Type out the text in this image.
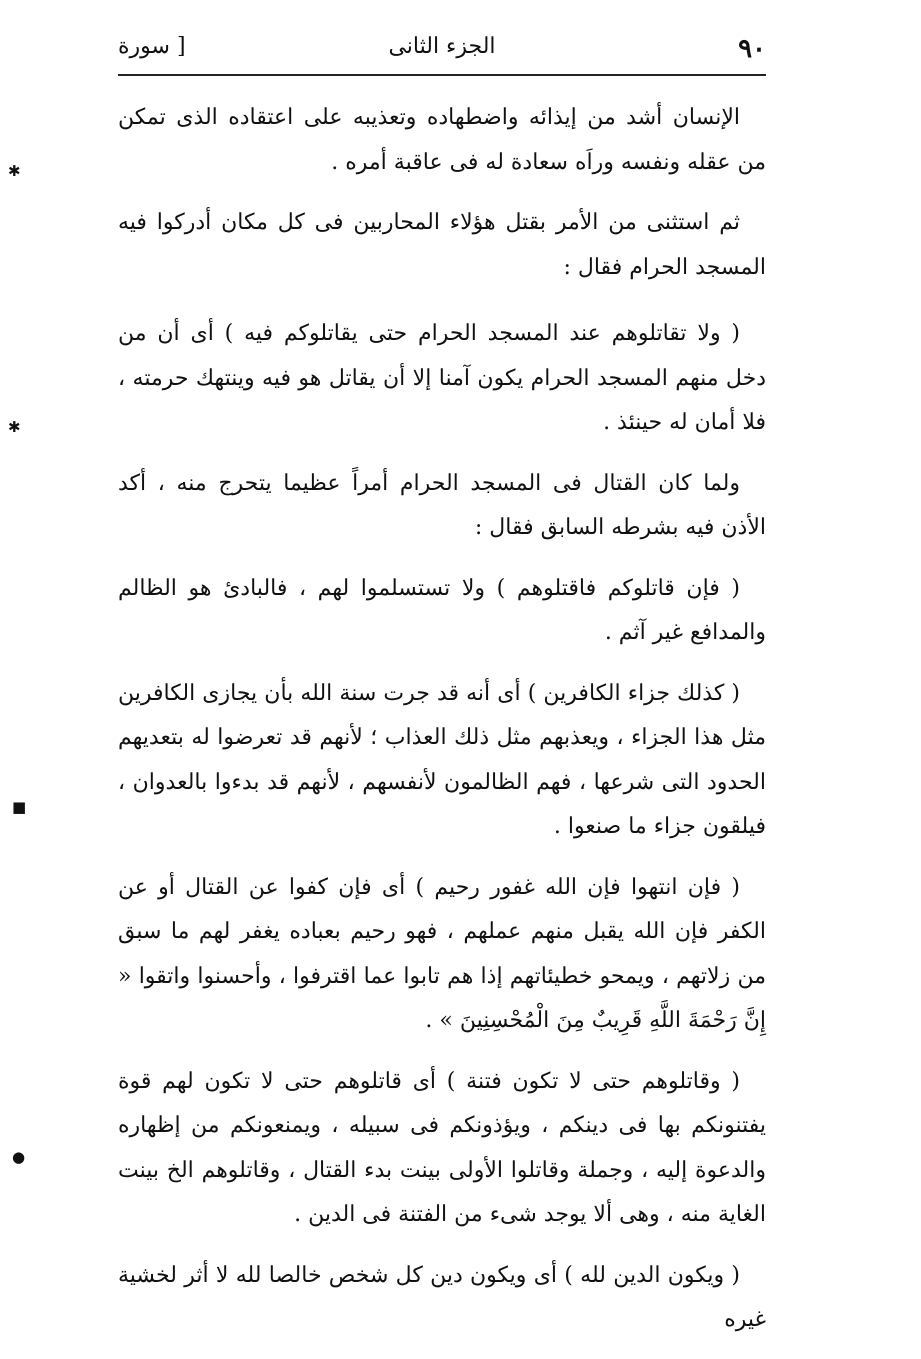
٩٠
الجزء الثانى
[ سورة

الإنسان أشد من إيذائه واضطهاده وتعذيبه على اعتقاده الذى تمكن من عقله ونفسه وراَه سعادة له فى عاقبة أمره .

ثم استثنى من الأمر بقتل هؤلاء المحاربين فى كل مكان أدركوا فيه المسجد الحرام فقال :

( ولا تقاتلوهم عند المسجد الحرام حتى يقاتلوكم فيه ) أى أن من دخل منهم المسجد الحرام يكون آمنا إلا أن يقاتل هو فيه وينتهك حرمته ، فلا أمان له حينئذ .

ولما كان القتال فى المسجد الحرام أمراً عظيما يتحرج منه ، أكد الأذن فيه بشرطه السابق فقال :

( فإن قاتلوكم فاقتلوهم ) ولا تستسلموا لهم ، فالبادئ هو الظالم والمدافع غير آثم .

( كذلك جزاء الكافرين ) أى أنه قد جرت سنة الله بأن يجازى الكافرين مثل هذا الجزاء ، ويعذبهم مثل ذلك العذاب ؛ لأنهم قد تعرضوا له بتعديهم الحدود التى شرعها ، فهم الظالمون لأنفسهم ، لأنهم قد بدءوا بالعدوان ، فيلقون جزاء ما صنعوا .

( فإن انتهوا فإن الله غفور رحيم ) أى فإن كفوا عن القتال أو عن الكفر فإن الله يقبل منهم عملهم ، فهو رحيم بعباده يغفر لهم ما سبق من زلاتهم ، ويمحو خطيئاتهم إذا هم تابوا عما اقترفوا ، وأحسنوا واتقوا « إِنَّ رَحْمَةَ اللَّهِ قَرِيبٌ مِنَ الْمُحْسِنِينَ » .

( وقاتلوهم حتى لا تكون فتنة ) أى قاتلوهم حتى لا تكون لهم قوة يفتنونكم بها فى دينكم ، ويؤذونكم فى سبيله ، ويمنعونكم من إظهاره والدعوة إليه ، وجملة وقاتلوا الأولى بينت بدء القتال ، وقاتلوهم الخ بينت الغاية منه ، وهى ألا يوجد شىء من الفتنة فى الدين .

( ويكون الدين لله ) أى ويكون دين كل شخص خالصا لله لا أثر لخشية غيره

✱
✱
■
●
